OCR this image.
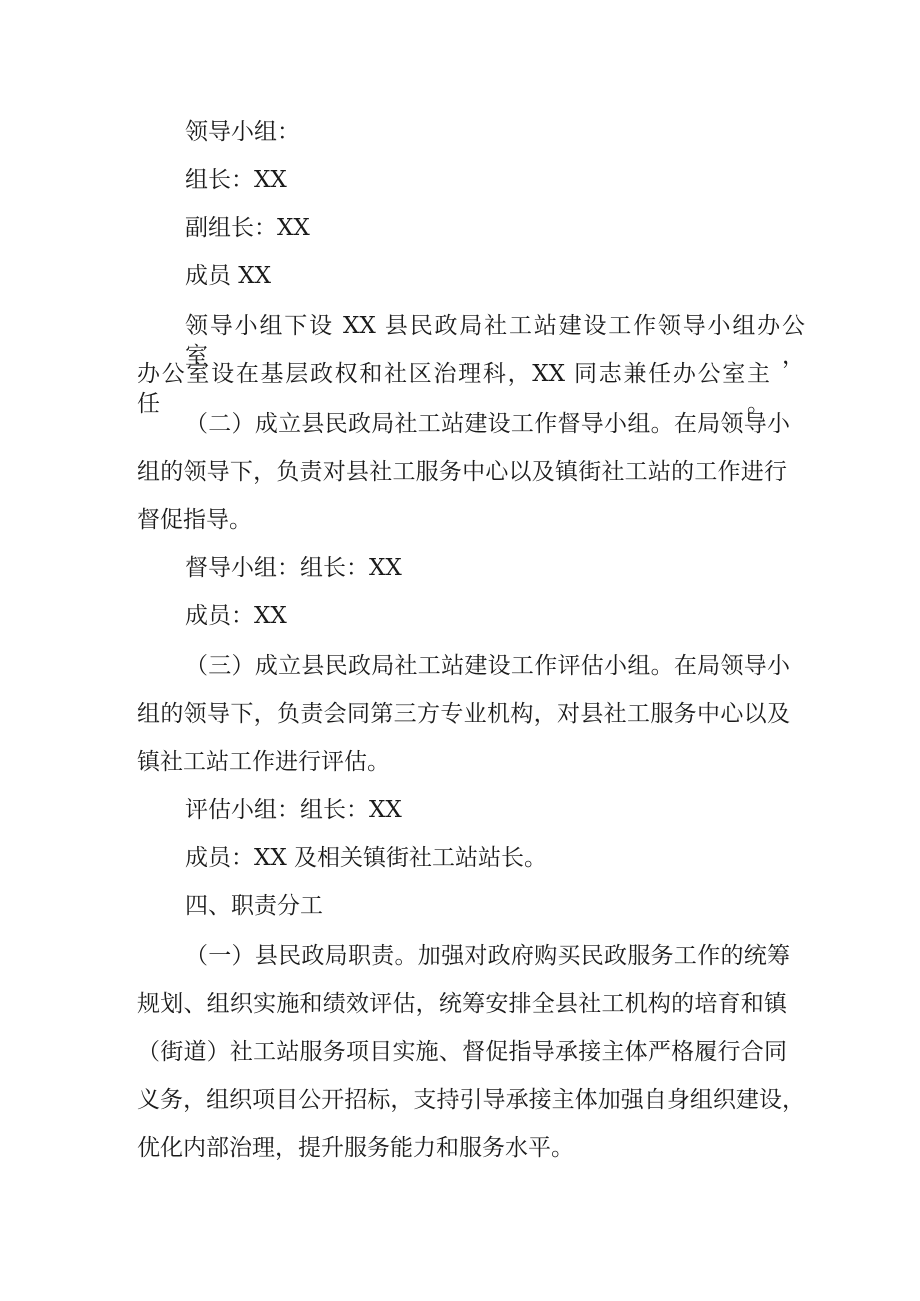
领导小组：
组长：XX
副组长：XX
成员 XX
领导小组下设 XX 县民政局社工站建设工作领导小组办公室，
办公室设在基层政权和社区治理科，XX 同志兼任办公室主任。
（二）成立县民政局社工站建设工作督导小组。在局领导小
组的领导下，负责对县社工服务中心以及镇街社工站的工作进行
督促指导。
督导小组：组长：XX
成员：XX
（三）成立县民政局社工站建设工作评估小组。在局领导小
组的领导下，负责会同第三方专业机构，对县社工服务中心以及
镇社工站工作进行评估。
评估小组：组长：XX
成员：XX 及相关镇街社工站站长。
四、职责分工
（一）县民政局职责。加强对政府购买民政服务工作的统筹
规划、组织实施和绩效评估，统筹安排全县社工机构的培育和镇
（街道）社工站服务项目实施、督促指导承接主体严格履行合同
义务，组织项目公开招标，支持引导承接主体加强自身组织建设，
优化内部治理，提升服务能力和服务水平。
